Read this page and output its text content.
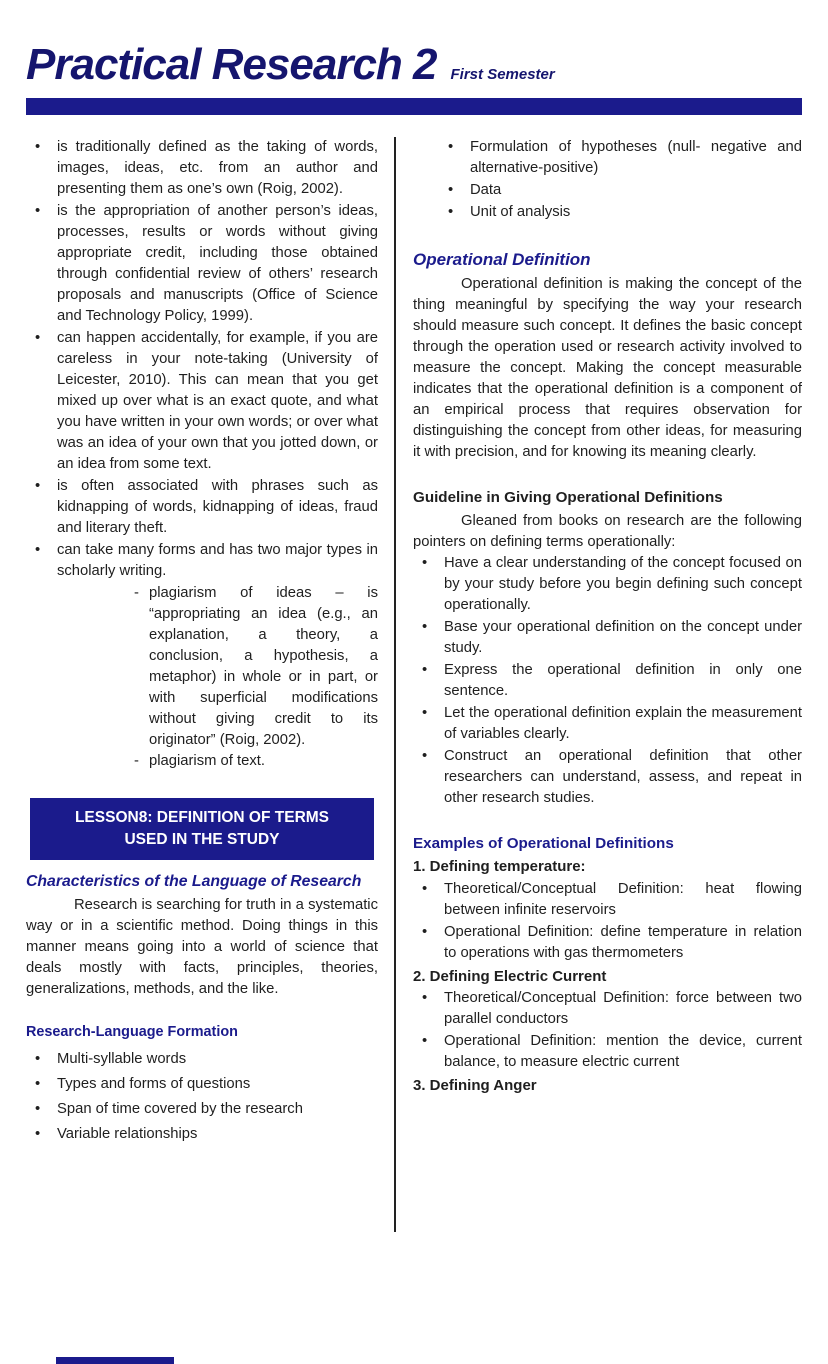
Practical Research 2 First Semester
• is traditionally defined as the taking of words, images, ideas, etc. from an author and presenting them as one’s own (Roig, 2002).
• is the appropriation of another person’s ideas, processes, results or words without giving appropriate credit, including those obtained through confidential review of others’ research proposals and manuscripts (Office of Science and Technology Policy, 1999).
• can happen accidentally, for example, if you are careless in your note-taking (University of Leicester, 2010). This can mean that you get mixed up over what is an exact quote, and what you have written in your own words; or over what was an idea of your own that you jotted down, or an idea from some text.
• is often associated with phrases such as kidnapping of words, kidnapping of ideas, fraud and literary theft.
• can take many forms and has two major types in scholarly writing.
- plagiarism of ideas – is “appropriating an idea (e.g., an explanation, a theory, a conclusion, a hypothesis, a metaphor) in whole or in part, or with superficial modifications without giving credit to its originator” (Roig, 2002).
- plagiarism of text.
LESSON8: DEFINITION OF TERMS USED IN THE STUDY
Characteristics of the Language of Research

Research is searching for truth in a systematic way or in a scientific method. Doing things in this manner means going into a world of science that deals mostly with facts, principles, theories, generalizations, methods, and the like.

Research-Language Formation
• Multi-syllable words
• Types and forms of questions
• Span of time covered by the research
• Variable relationships
• Formulation of hypotheses (null- negative and alternative-positive)
• Data
• Unit of analysis
Operational Definition

Operational definition is making the concept of the thing meaningful by specifying the way your research should measure such concept. It defines the basic concept through the operation used or research activity involved to measure the concept. Making the concept measurable indicates that the operational definition is a component of an empirical process that requires observation for distinguishing the concept from other ideas, for measuring it with precision, and for knowing its meaning clearly.

Guideline in Giving Operational Definitions

Gleaned from books on research are the following pointers on defining terms operationally:

• Have a clear understanding of the concept focused on by your study before you begin defining such concept operationally.
• Base your operational definition on the concept under study.
• Express the operational definition in only one sentence.
• Let the operational definition explain the measurement of variables clearly.
• Construct an operational definition that other researchers can understand, assess, and repeat in other research studies.
Examples of Operational Definitions
1. Defining temperature:
• Theoretical/Conceptual Definition: heat flowing between infinite reservoirs
• Operational Definition: define temperature in relation to operations with gas thermometers
2. Defining Electric Current
• Theoretical/Conceptual Definition: force between two parallel conductors
• Operational Definition: mention the device, current balance, to measure electric current
3. Defining Anger
